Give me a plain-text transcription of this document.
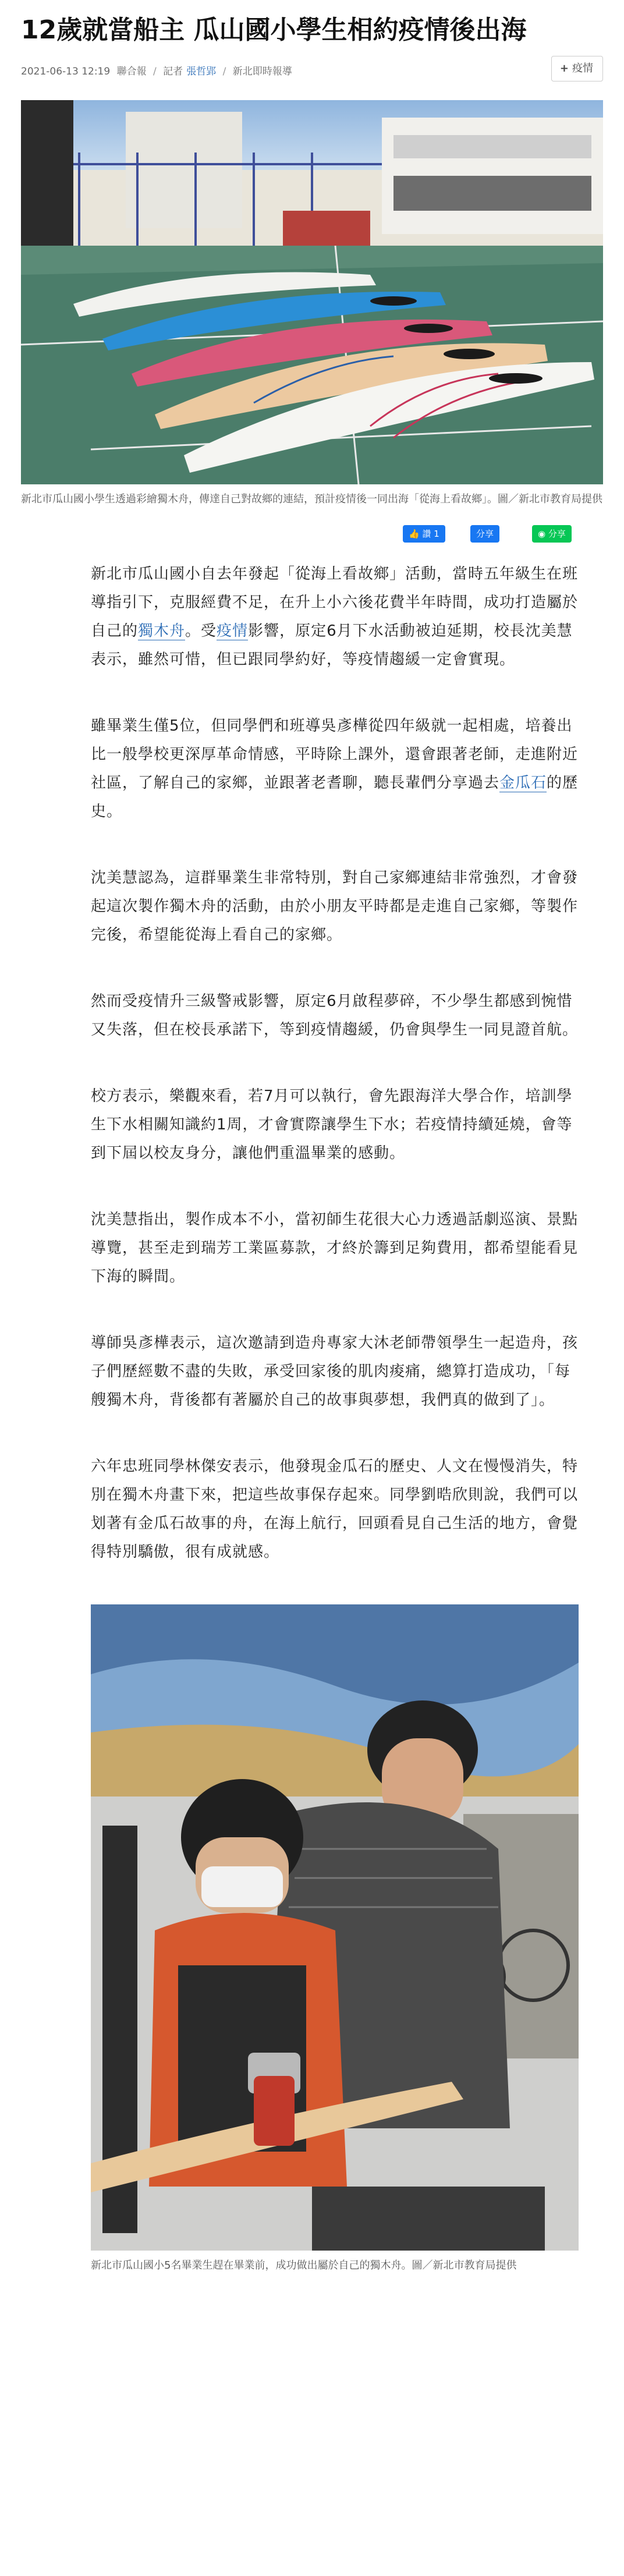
12歲就當船主 瓜山國小學生相約疫情後出海
2021-06-13 12:19 聯合報 / 記者 張哲郢 / 新北即時報導	+ 疫情
新北市瓜山國小學生透過彩繪獨木舟，傳達自己對故鄉的連結，預計疫情後一同出海「從海上看故鄉」。圖／新北市教育局提供
👍 讚 1	分享	◉ 分享

新北市瓜山國小自去年發起「從海上看故鄉」活動，當時五年級生在班導指引下，克服經費不足，在升上小六後花費半年時間，成功打造屬於自己的獨木舟。受疫情影響，原定6月下水活動被迫延期，校長沈美慧表示，雖然可惜，但已跟同學約好，等疫情趨緩一定會實現。

雖畢業生僅5位，但同學們和班導吳彥樺從四年級就一起相處，培養出比一般學校更深厚革命情感，平時除上課外，還會跟著老師，走進附近社區，了解自己的家鄉，並跟著老耆聊，聽長輩們分享過去金瓜石的歷史。

沈美慧認為，這群畢業生非常特別，對自己家鄉連結非常強烈，才會發起這次製作獨木舟的活動，由於小朋友平時都是走進自己家鄉，等製作完後，希望能從海上看自己的家鄉。

然而受疫情升三級警戒影響，原定6月啟程夢碎，不少學生都感到惋惜又失落，但在校長承諾下，等到疫情趨緩，仍會與學生一同見證首航。

校方表示，樂觀來看，若7月可以執行，會先跟海洋大學合作，培訓學生下水相關知識約1周，才會實際讓學生下水；若疫情持續延燒，會等到下屆以校友身分，讓他們重溫畢業的感動。

沈美慧指出，製作成本不小，當初師生花很大心力透過話劇巡演、景點導覽，甚至走到瑞芳工業區募款，才終於籌到足夠費用，都希望能看見下海的瞬間。

導師吳彥樺表示，這次邀請到造舟專家大沐老師帶領學生一起造舟，孩子們歷經數不盡的失敗，承受回家後的肌肉痠痛，總算打造成功，「每艘獨木舟，背後都有著屬於自己的故事與夢想，我們真的做到了」。

六年忠班同學林傑安表示，他發現金瓜石的歷史、人文在慢慢消失，特別在獨木舟畫下來，把這些故事保存起來。同學劉晧欣則說，我們可以划著有金瓜石故事的舟，在海上航行，回頭看見自己生活的地方，會覺得特別驕傲，很有成就感。

新北市瓜山國小5名畢業生趕在畢業前，成功做出屬於自己的獨木舟。圖／新北市教育局提供
